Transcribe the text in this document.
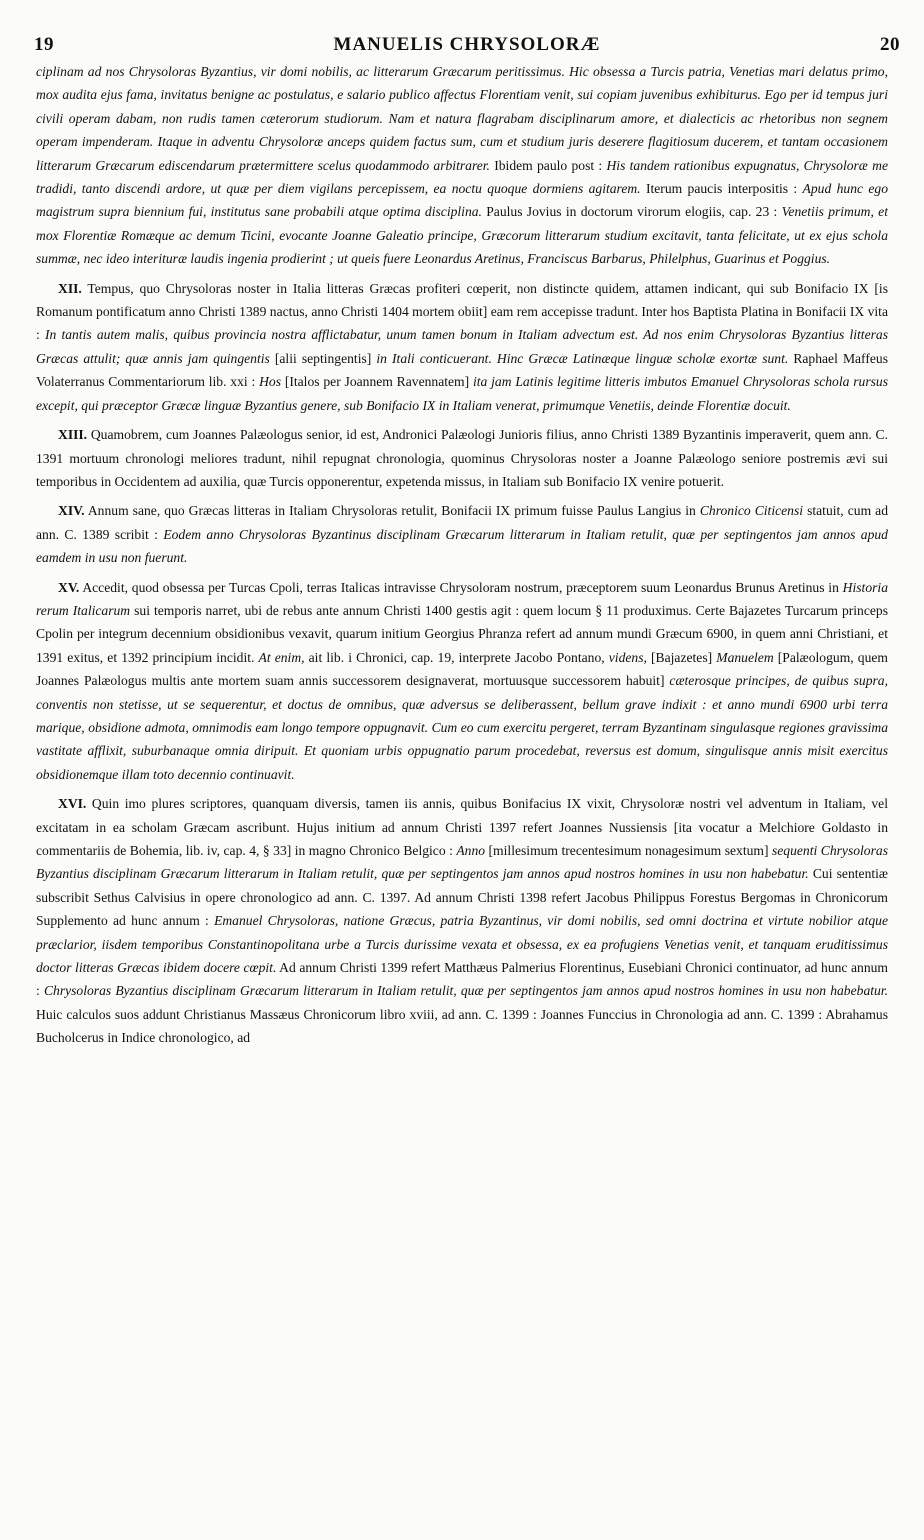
19	MANUELIS CHRYSOLORÆ	20

ciplinam ad nos Chrysoloras Byzantius, vir domi nobilis, ac litterarum Græcarum peritissimus. Hic obsessa a Turcis patria, Venetias mari delatus primo, mox audita ejus fama, invitatus benigne ac postulatus, e salario publico affectus Florentiam venit, sui copiam juvenibus exhibiturus. Ego per id tempus juri civili operam dabam, non rudis tamen cæterorum studiorum. Nam et natura flagrabam disciplinarum amore, et dialecticis ac rhetoribus non segnem operam impenderam. Itaque in adventu Chrysoloræ anceps quidem factus sum, cum et studium juris deserere flagitiosum ducerem, et tantam occasionem litterarum Græcarum ediscendarum prætermittere scelus quodammodo arbitrarer. Ibidem paulo post : His tandem rationibus expugnatus, Chrysoloræ me tradidi, tanto discendi ardore, ut quæ per diem vigilans percepissem, ea noctu quoque dormiens agitarem. Iterum paucis interpositis : Apud hunc ego magistrum supra biennium fui, institutus sane probabili atque optima disciplina. Paulus Jovius in doctorum virorum elogiis, cap. 23 : Venetiis primum, et mox Florentiæ Romæque ac demum Ticini, evocante Joanne Galeatio principe, Græcorum litterarum studium excitavit, tanta felicitate, ut ex ejus schola summæ, nec ideo interituræ laudis ingenia prodierint ; ut queis fuere Leonardus Aretinus, Franciscus Barbarus, Philelphus, Guarinus et Poggius.

XII. Tempus, quo Chrysoloras noster in Italia litteras Græcas profiteri cœperit, non distincte quidem, attamen indicant, qui sub Bonifacio IX [is Romanum pontificatum anno Christi 1389 nactus, anno Christi 1404 mortem obiit] eam rem accepisse tradunt. Inter hos Baptista Platina in Bonifacii IX vita : In tantis autem malis, quibus provincia nostra afflictabatur, unum tamen bonum in Italiam advectum est. Ad nos enim Chrysoloras Byzantius litteras Græcas attulit; quæ annis jam quingentis [alii septingentis] in Itali conticuerant. Hinc Græcæ Latinæque linguæ scholæ exortæ sunt. Raphael Maffeus Volaterranus Commentariorum lib. xxi : Hos [Italos per Joannem Ravennatem] ita jam Latinis legitime litteris imbutos Emanuel Chrysoloras schola rursus excepit, qui præceptor Græcæ linguæ Byzantius genere, sub Bonifacio IX in Italiam venerat, primumque Venetiis, deinde Florentiæ docuit.

XIII. Quamobrem, cum Joannes Palæologus senior, id est, Andronici Palæologi Junioris filius, anno Christi 1389 Byzantinis imperaverit, quem ann. C. 1391 mortuum chronologi meliores tradunt, nihil repugnat chronologia, quominus Chrysoloras noster a Joanne Palæologo seniore postremis ævi sui temporibus in Occidentem ad auxilia, quæ Turcis opponerentur, expetenda missus, in Italiam sub Bonifacio IX venire potuerit.

XIV. Annum sane, quo Græcas litteras in Italiam Chrysoloras retulit, Bonifacii IX primum fuisse Paulus Langius in Chronico Citicensi statuit, cum ad ann. C. 1389 scribit : Eodem anno Chrysoloras Byzantinus disciplinam Græcarum litterarum in Italiam retulit, quæ per septingentos jam annos apud eamdem in usu non fuerunt.

XV. Accedit, quod obsessa per Turcas Cpoli, terras Italicas intravisse Chrysoloram nostrum, præceptorem suum Leonardus Brunus Aretinus in Historia rerum Italicarum sui temporis narret, ubi de rebus ante annum Christi 1400 gestis agit : quem locum § 11 produximus. Certe Bajazetes Turcarum princeps Cpolin per integrum decennium obsidionibus vexavit, quarum initium Georgius Phranza refert ad annum mundi Græcum 6900, in quem anni Christiani, et 1391 exitus, et 1392 principium incidit. At enim, ait lib. i Chronici, cap. 19, interprete Jacobo Pontano, videns, [Bajazetes] Manuelem [Palæologum, quem Joannes Palæologus multis ante mortem suam annis successorem designaverat, mortuusque successorem habuit] cæterosque principes, de quibus supra, conventis non stetisse, ut se sequerentur, et doctus de omnibus, quæ adversus se deliberassent, bellum grave indixit : et anno mundi 6900 urbi terra marique, obsidione admota, omnimodis eam longo tempore oppugnavit. Cum eo cum exercitu pergeret, terram Byzantinam singulasque regiones gravissima vastitate afflixit, suburbanaque omnia diripuit. Et quoniam urbis oppugnatio parum procedebat, reversus est domum, singulisque annis misit exercitus obsidionemque illam toto decennio continuavit.

XVI. Quin imo plures scriptores, quanquam diversis, tamen iis annis, quibus Bonifacius IX vixit, Chrysoloræ nostri vel adventum in Italiam, vel excitatam in ea scholam Græcam ascribunt. Hujus initium ad annum Christi 1397 refert Joannes Nussiensis [ita vocatur a Melchiore Goldasto in commentariis de Bohemia, lib. iv, cap. 4, § 33] in magno Chronico Belgico : Anno [millesimum trecentesimum nonagesimum sextum] sequenti Chrysoloras Byzantius disciplinam Græcarum litterarum in Italiam retulit, quæ per septingentos jam annos apud nostros homines in usu non habebatur. Cui sententiæ subscribit Sethus Calvisius in opere chronologico ad ann. C. 1397. Ad annum Christi 1398 refert Jacobus Philippus Forestus Bergomas in Chronicorum Supplemento ad hunc annum : Emanuel Chrysoloras, natione Græcus, patria Byzantinus, vir domi nobilis, sed omni doctrina et virtute nobilior atque præclarior, iisdem temporibus Constantinopolitana urbe a Turcis durissime vexata et obsessa, ex ea profugiens Venetias venit, et tanquam eruditissimus doctor litteras Græcas ibidem docere cœpit. Ad annum Christi 1399 refert Matthæus Palmerius Florentinus, Eusebiani Chronici continuator, ad hunc annum : Chrysoloras Byzantius disciplinam Græcarum litterarum in Italiam retulit, quæ per septingentos jam annos apud nostros homines in usu non habebatur. Huic calculos suos addunt Christianus Massæus Chronicorum libro xviii, ad ann. C. 1399 : Joannes Funccius in Chronologia ad ann. C. 1399 : Abrahamus Bucholcerus in Indice chronologico, ad
